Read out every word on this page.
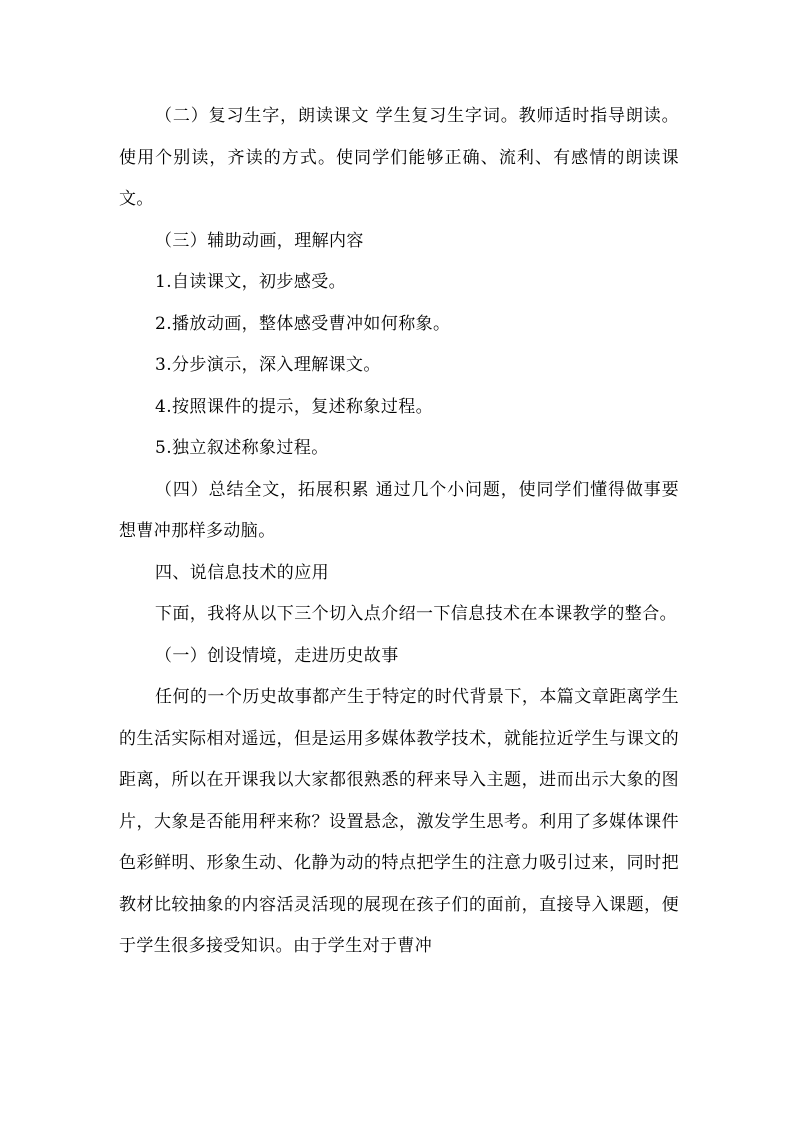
（二）复习生字，朗读课文 学生复习生字词。教师适时指导朗读。使用个别读，齐读的方式。使同学们能够正确、流利、有感情的朗读课文。

（三）辅助动画，理解内容

1.自读课文，初步感受。

2.播放动画，整体感受曹冲如何称象。

3.分步演示，深入理解课文。

4.按照课件的提示，复述称象过程。

5.独立叙述称象过程。

（四）总结全文，拓展积累 通过几个小问题，使同学们懂得做事要想曹冲那样多动脑。

四、说信息技术的应用

下面，我将从以下三个切入点介绍一下信息技术在本课教学的整合。

（一）创设情境，走进历史故事

任何的一个历史故事都产生于特定的时代背景下，本篇文章距离学生的生活实际相对遥远，但是运用多媒体教学技术，就能拉近学生与课文的距离，所以在开课我以大家都很熟悉的秤来导入主题，进而出示大象的图片，大象是否能用秤来称？设置悬念，激发学生思考。利用了多媒体课件色彩鲜明、形象生动、化静为动的特点把学生的注意力吸引过来，同时把教材比较抽象的内容活灵活现的展现在孩子们的面前，直接导入课题，便于学生很多接受知识。由于学生对于曹冲
